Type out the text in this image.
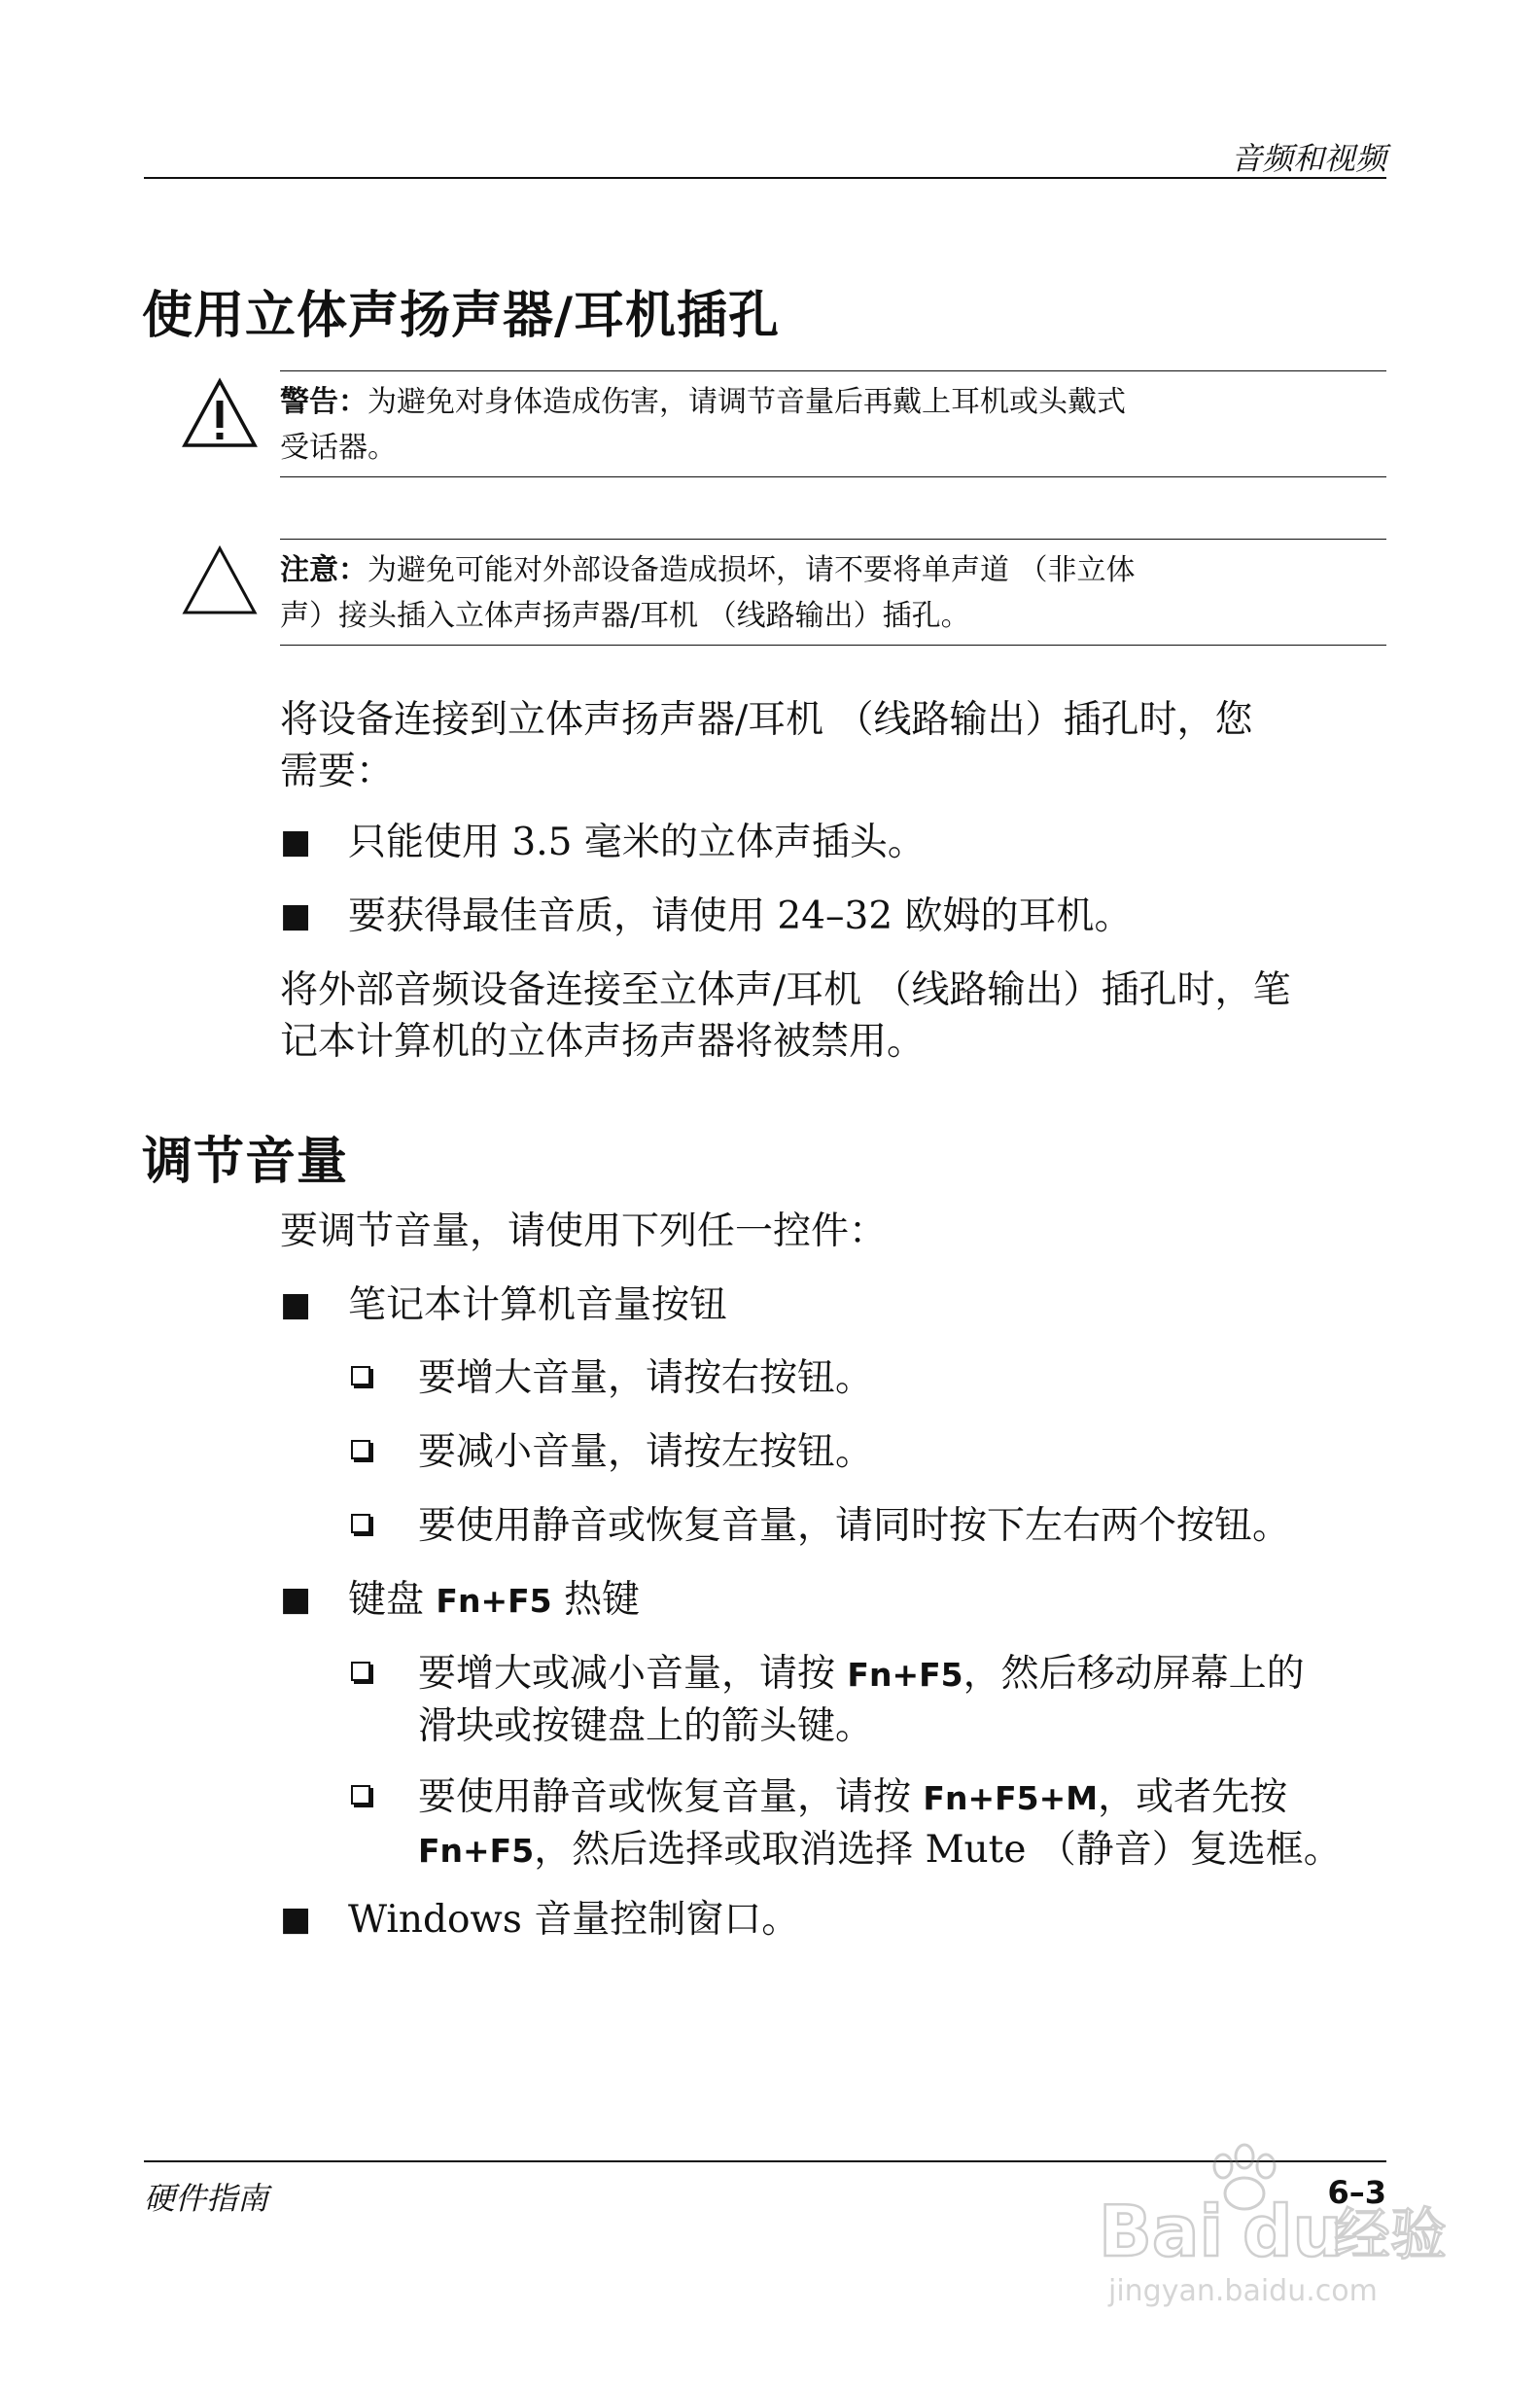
音频和视频
使用立体声扬声器/耳机插孔
警告：为避免对身体造成伤害，请调节音量后再戴上耳机或头戴式
受话器。
注意：为避免可能对外部设备造成损坏，请不要将单声道 （非立体
声）接头插入立体声扬声器/耳机 （线路输出）插孔。
将设备连接到立体声扬声器/耳机 （线路输出）插孔时，您
需要：
■ 只能使用 3.5 毫米的立体声插头。
■ 要获得最佳音质，请使用 24–32 欧姆的耳机。
将外部音频设备连接至立体声/耳机 （线路输出）插孔时，笔
记本计算机的立体声扬声器将被禁用。
调节音量
要调节音量，请使用下列任一控件：
■ 笔记本计算机音量按钮
要增大音量，请按右按钮。
要减小音量，请按左按钮。
要使用静音或恢复音量，请同时按下左右两个按钮。
■ 键盘 Fn+F5 热键
要增大或减小音量，请按 Fn+F5，然后移动屏幕上的
滑块或按键盘上的箭头键。
要使用静音或恢复音量，请按 Fn+F5+M，或者先按
Fn+F5，然后选择或取消选择 Mute （静音）复选框。
■ Windows 音量控制窗口。
硬件指南	6–3
Bai du
经验
jingyan.baidu.com
